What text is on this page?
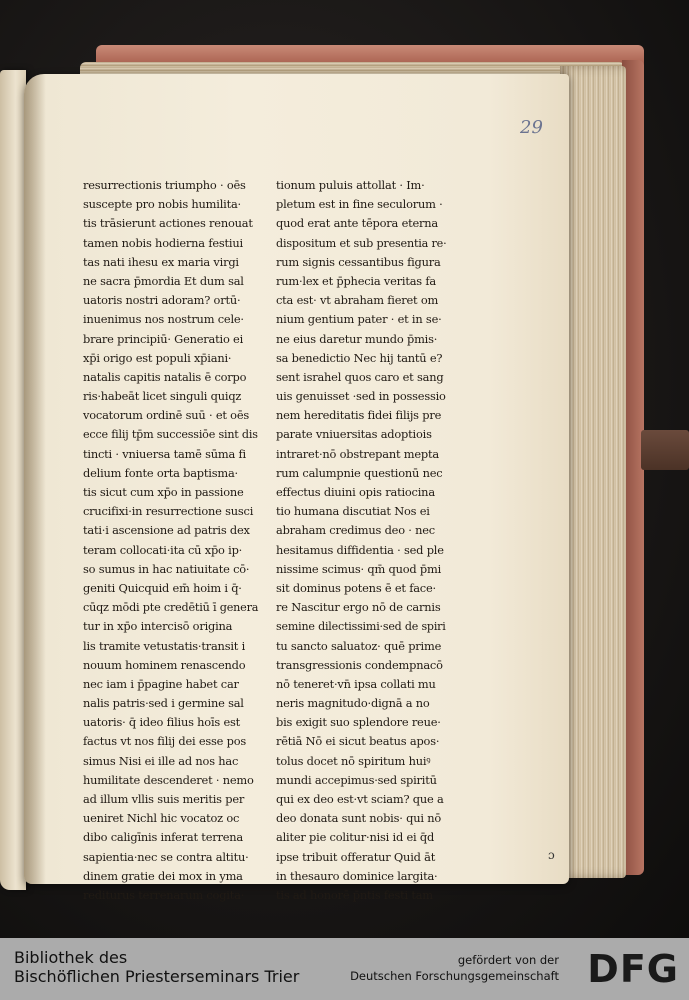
29
resurrectionis triumpho · oēs
suscepte pro nobis humilita·
tis trāsierunt actiones renouat
tamen nobis hodierna festiui
tas nati ihesu ex maria virgi
ne sacra p̄mordia Et dum sal
uatoris nostri adoram? ortū·
inuenimus nos nostrum cele·
brare principiū· Generatio ei
xp̄i origo est populi xp̄iani·
natalis capitis natalis ē corpo
ris·habeāt licet singuli quiqz
vocatorum ordinē suū · et oēs
ecce filij tp̄m successiōe sint dis
tincti · vniuersa tamē sūma fi
delium fonte orta baptisma·
tis sicut cum xp̄o in passione
crucifixi·in resurrectione susci
tati·i ascensione ad patris dex
teram collocati·ita cū xp̄o ip·
so sumus in hac natiuitate cō·
geniti Quicquid em̄ hoim i q̄·
cūqz mōdi pte credētiū ī genera
tur in xp̄o intercisō origina
lis tramite vetustatis·transit i
nouum hominem renascendo
nec iam i p̄pagine habet car
nalis patris·sed i germine sal
uatoris· q̄ ideo filius hoīs est
factus vt nos filij dei esse pos
simus Nisi ei ille ad nos hac
humilitate descenderet · nemo
ad illum vllis suis meritis per
ueniret Nichl hic vocatoz oc
dibo caligīnis inferat terrena
sapientia·nec se contra altitu·
dinem gratie dei mox in yma
rediturus terrenarum cogita·
tionum puluis attollat · Im·
pletum est in fine seculorum ·
quod erat ante tēpora eterna
dispositum et sub presentia re·
rum signis cessantibus figura
rum·lex et p̄phecia veritas fa
cta est· vt abraham fieret om
nium gentium pater · et in se·
ne eius daretur mundo p̄mis·
sa benedictio Nec hij tantū e?
sent israhel quos caro et sang
uis genuisset ·sed in possessio
nem hereditatis fidei filijs pre
parate vniuersitas adoptiois
intraret·nō obstrepant mepta
rum calumpnie questionū nec
effectus diuini opis ratiocina
tio humana discutiat Nos ei
abraham credimus deo · nec
hesitamus diffidentia · sed ple
nissime scimus· qm̄ quod p̄mi
sit dominus potens ē et face·
re Nascitur ergo nō de carnis
semine dilectissimi·sed de spiri
tu sancto saluatoz· quē prime
transgressionis condempnacō
nō teneret·vn̄ ipsa collati mu
neris magnitudo·dignā a no
bis exigit suo splendore reue·
rētiā Nō ei sicut beatus apos·
tolus docet nō spiritum huiꝰ
mundi accepimus·sed spiritū
qui ex deo est·vt sciam? que a
deo donata sunt nobis· qui nō
aliter pie colitur·nisi id ei q̄d
ipse tribuit offeratur Quid āt
in thesauro dominice largita·
tis ad honorē p̄ntis festi tam
ɔ
Bibliothek des
Bischöflichen Priesterseminars Trier
gefördert von der
Deutschen Forschungsgemeinschaft DFG
